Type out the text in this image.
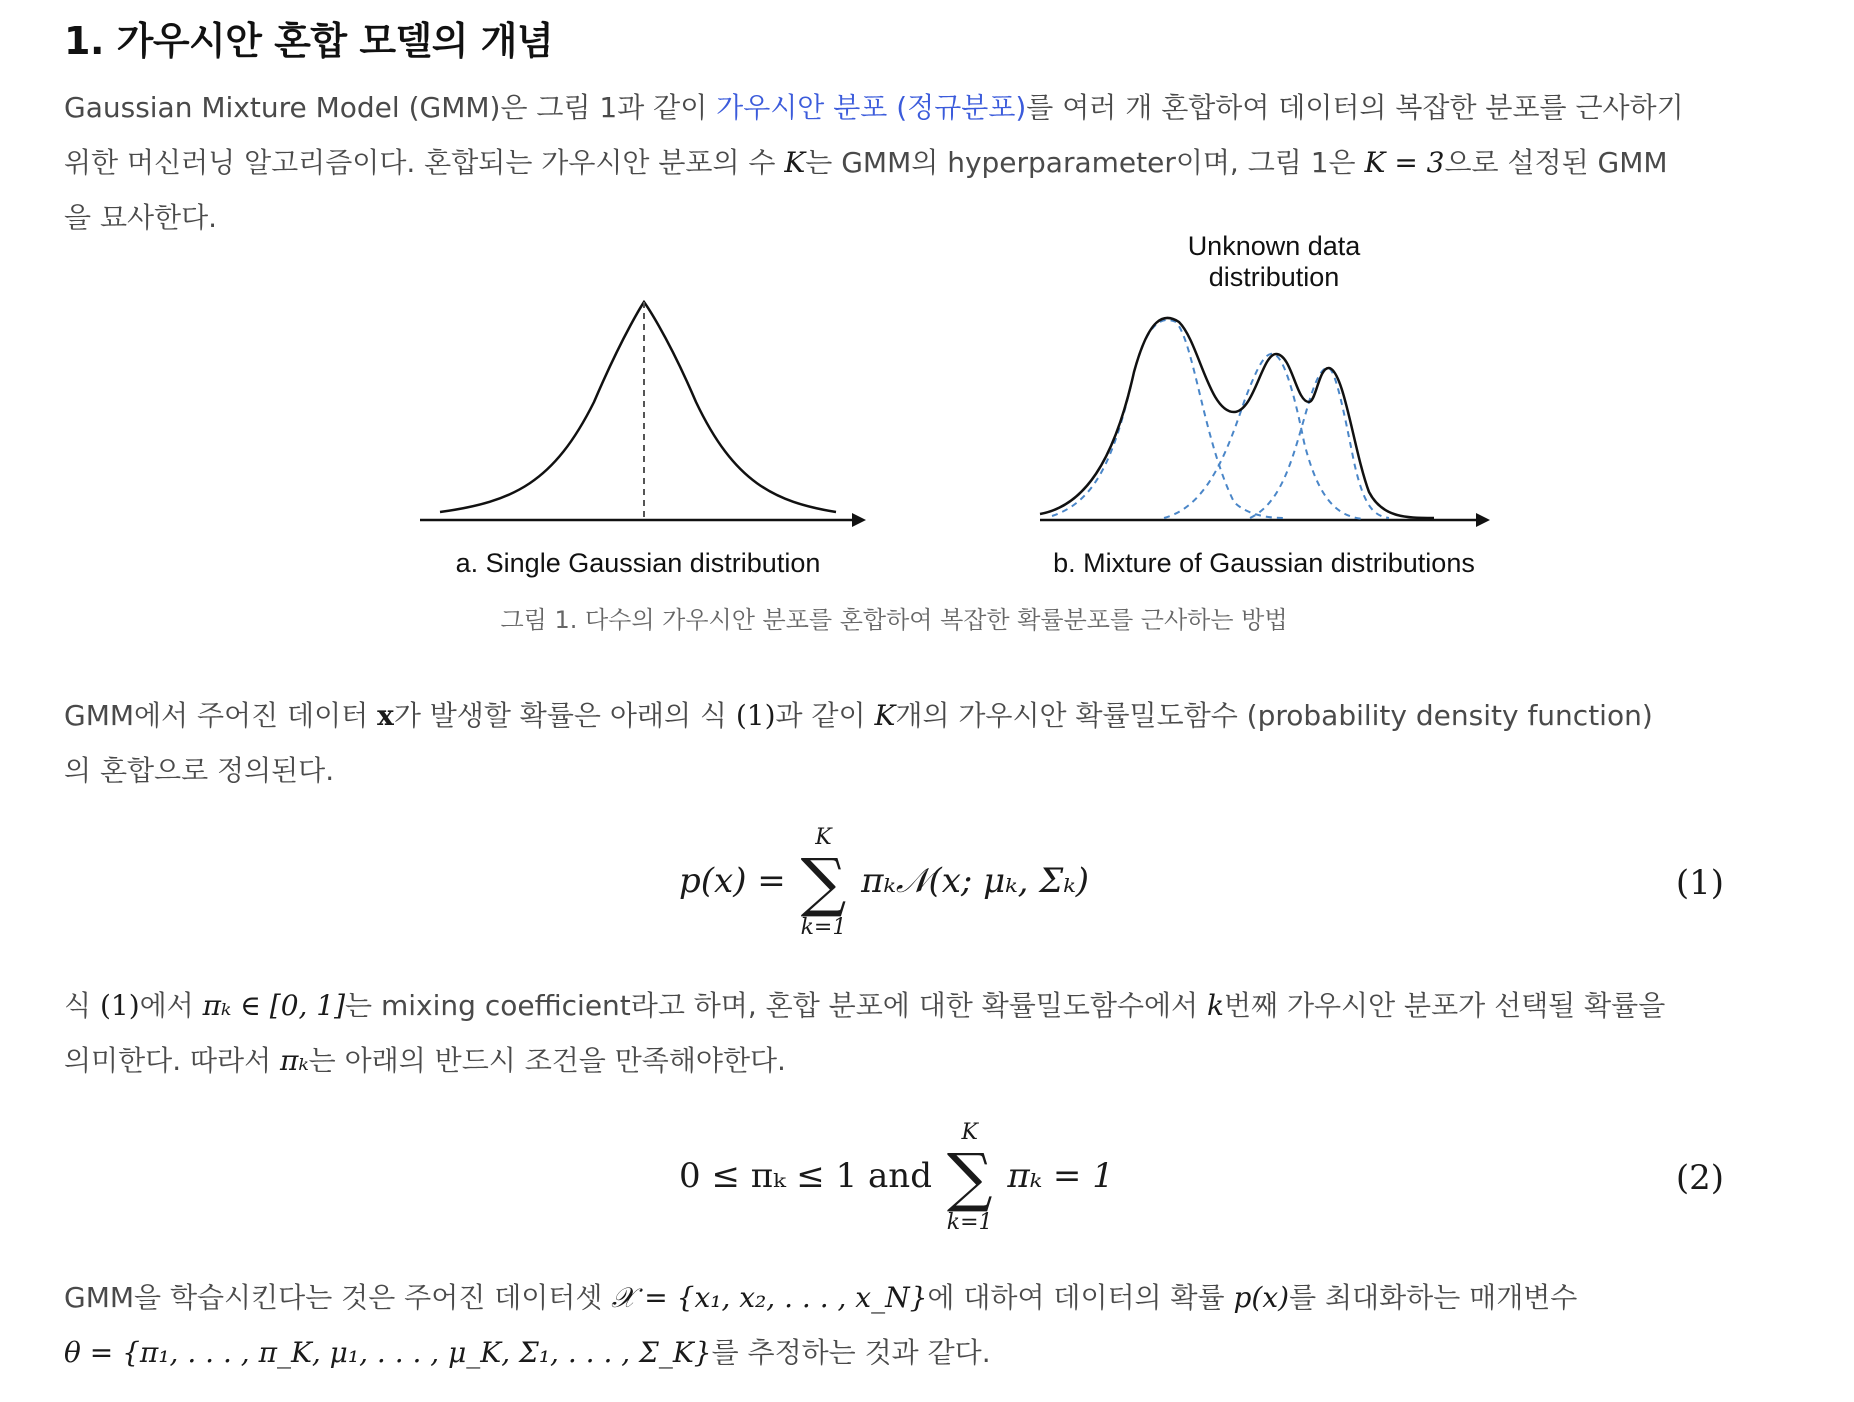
1. 가우시안 혼합 모델의 개념

Gaussian Mixture Model (GMM)은 그림 1과 같이 가우시안 분포 (정규분포)를 여러 개 혼합하여 데이터의 복잡한 분포를 근사하기

위한 머신러닝 알고리즘이다. 혼합되는 가우시안 분포의 수 K는 GMM의 hyperparameter이며, 그림 1은 K = 3으로 설정된 GMM

을 묘사한다.

Unknown data
distribution
a. Single Gaussian distribution	b. Mixture of Gaussian distributions
그림 1. 다수의 가우시안 분포를 혼합하여 복잡한 확률분포를 근사하는 방법

GMM에서 주어진 데이터 x가 발생할 확률은 아래의 식 (1)과 같이 K개의 가우시안 확률밀도함수 (probability density function)

의 혼합으로 정의된다.

p(x) =
K
∑
k=1
πₖ𝒩(x; μₖ, Σₖ)	(1)

식 (1)에서 πₖ ∈ [0, 1]는 mixing coefficient라고 하며, 혼합 분포에 대한 확률밀도함수에서 k번째 가우시안 분포가 선택될 확률을

의미한다. 따라서 πₖ는 아래의 반드시 조건을 만족해야한다.

0 ≤ πₖ ≤ 1 and
K
∑
k=1
πₖ = 1	(2)

GMM을 학습시킨다는 것은 주어진 데이터셋 𝒳 = {x₁, x₂, . . . , x_N}에 대하여 데이터의 확률 p(x)를 최대화하는 매개변수

θ = {π₁, . . . , π_K, μ₁, . . . , μ_K, Σ₁, . . . , Σ_K}를 추정하는 것과 같다.
